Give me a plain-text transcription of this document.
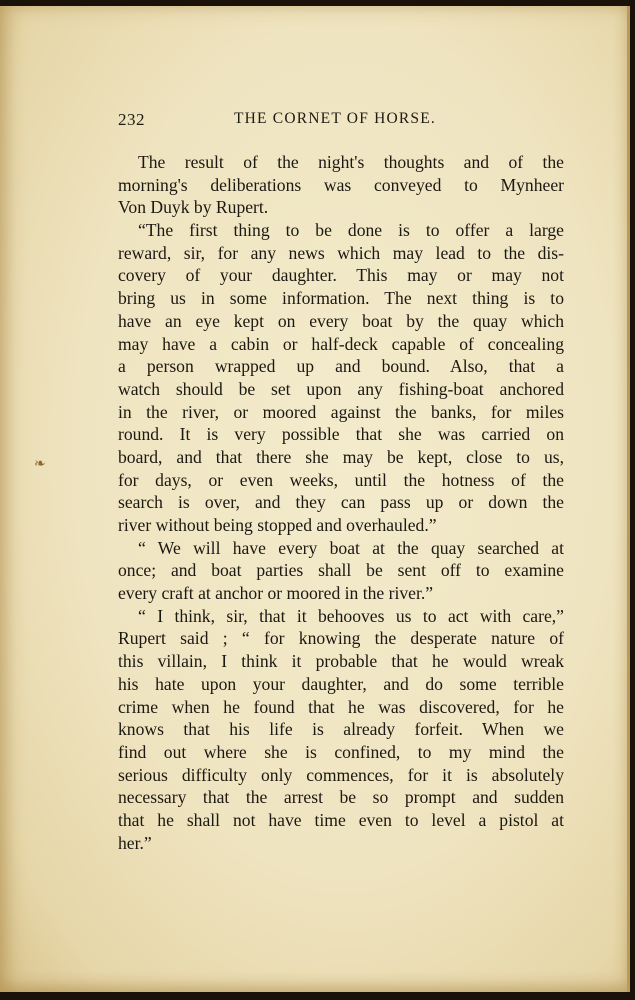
232	THE CORNET OF HORSE.
❧
The result of the night's thoughts and of the
morning's deliberations was conveyed to Mynheer
Von Duyk by Rupert.
“The first thing to be done is to offer a large
reward, sir, for any news which may lead to the dis-
covery of your daughter. This may or may not
bring us in some information. The next thing is to
have an eye kept on every boat by the quay which
may have a cabin or half-deck capable of concealing
a person wrapped up and bound. Also, that a
watch should be set upon any fishing-boat anchored
in the river, or moored against the banks, for miles
round. It is very possible that she was carried on
board, and that there she may be kept, close to us,
for days, or even weeks, until the hotness of the
search is over, and they can pass up or down the
river without being stopped and overhauled.”
“ We will have every boat at the quay searched at
once; and boat parties shall be sent off to examine
every craft at anchor or moored in the river.”
“ I think, sir, that it behooves us to act with care,”
Rupert said ; “ for knowing the desperate nature of
this villain, I think it probable that he would wreak
his hate upon your daughter, and do some terrible
crime when he found that he was discovered, for he
knows that his life is already forfeit. When we
find out where she is confined, to my mind the
serious difficulty only commences, for it is absolutely
necessary that the arrest be so prompt and sudden
that he shall not have time even to level a pistol at
her.”
